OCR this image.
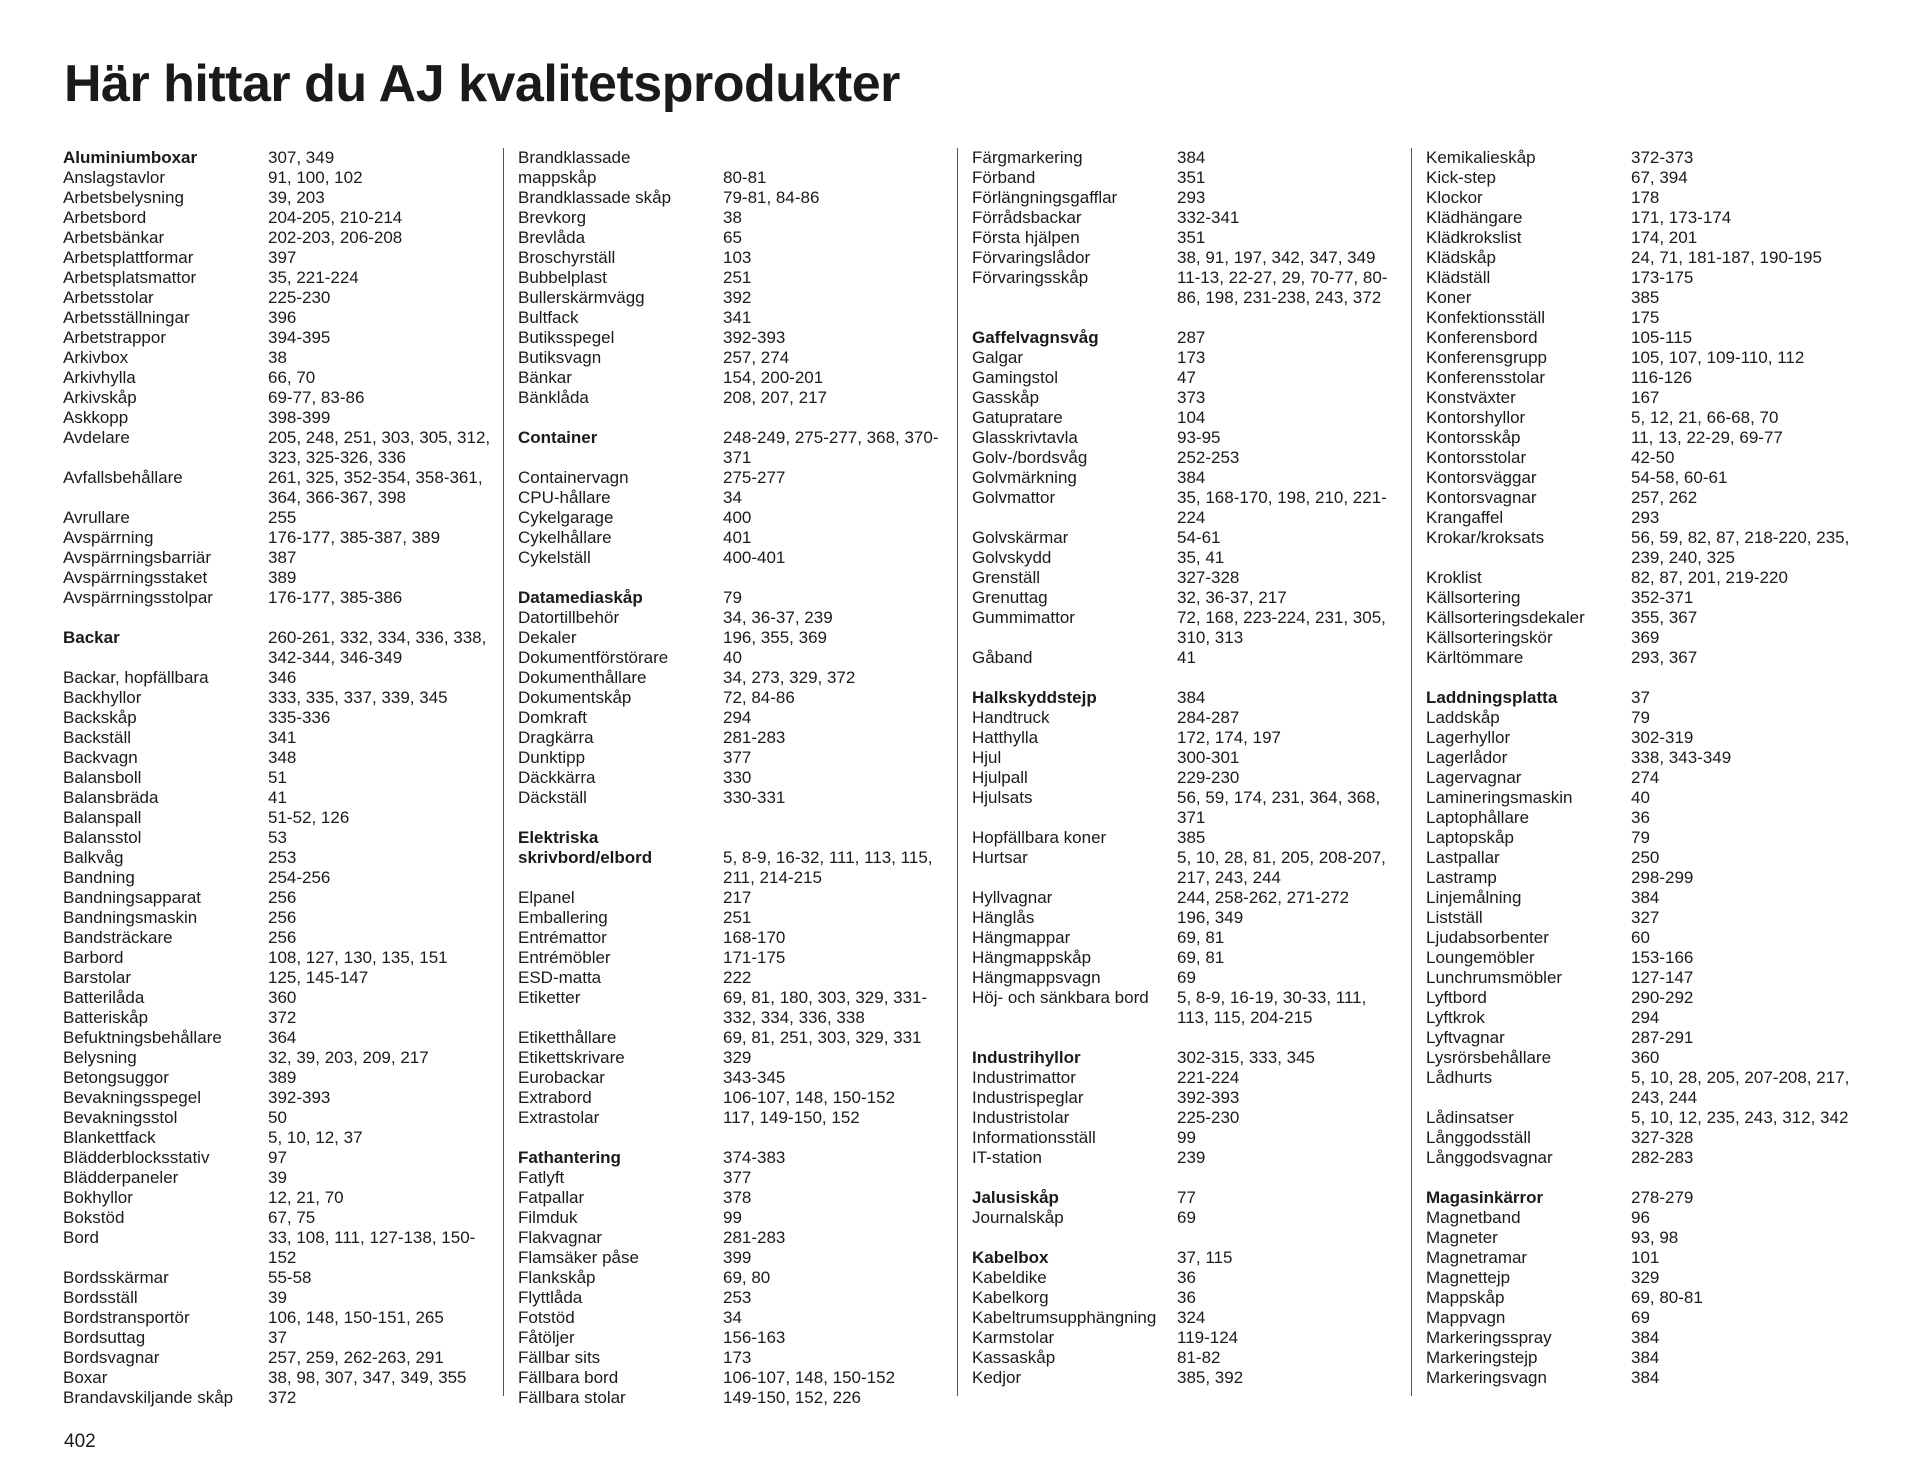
Här hittar du AJ kvalitetsprodukter
Aluminiumboxar	307, 349
Anslagstavlor	91, 100, 102
Arbetsbelysning	39, 203
Arbetsbord	204-205, 210-214
Arbetsbänkar	202-203, 206-208
Arbetsplattformar	397
Arbetsplatsmattor	35, 221-224
Arbetsstolar	225-230
Arbetsställningar	396
Arbetstrappor	394-395
Arkivbox	38
Arkivhylla	66, 70
Arkivskåp	69-77, 83-86
Askkopp	398-399
Avdelare	205, 248, 251, 303, 305, 312, 323, 325-326, 336
Avfallsbehållare	261, 325, 352-354, 358-361, 364, 366-367, 398
Avrullare	255
Avspärrning	176-177, 385-387, 389
Avspärrningsbarriär	387
Avspärrningsstaket	389
Avspärrningsstolpar	176-177, 385-386
Backar	260-261, 332, 334, 336, 338, 342-344, 346-349
Backar, hopfällbara	346
Backhyllor	333, 335, 337, 339, 345
Backskåp	335-336
Backställ	341
Backvagn	348
Balansboll	51
Balansbräda	41
Balanspall	51-52, 126
Balansstol	53
Balkvåg	253
Bandning	254-256
Bandningsapparat	256
Bandningsmaskin	256
Bandsträckare	256
Barbord	108, 127, 130, 135, 151
Barstolar	125, 145-147
Batterilåda	360
Batteriskåp	372
Befuktningsbehållare	364
Belysning	32, 39, 203, 209, 217
Betongsuggor	389
Bevakningsspegel	392-393
Bevakningsstol	50
Blankettfack	5, 10, 12, 37
Blädderblocksstativ	97
Blädderpaneler	39
Bokhyllor	12, 21, 70
Bokstöd	67, 75
Bord	33, 108, 111, 127-138, 150-152
Bordsskärmar	55-58
Bordsställ	39
Bordstransportör	106, 148, 150-151, 265
Bordsuttag	37
Bordsvagnar	257, 259, 262-263, 291
Boxar	38, 98, 307, 347, 349, 355
Brandavskiljande skåp	372
Brandklassade
mappskåp	80-81
Brandklassade skåp	79-81, 84-86
Brevkorg	38
Brevlåda	65
Broschyrställ	103
Bubbelplast	251
Bullerskärmvägg	392
Bultfack	341
Butiksspegel	392-393
Butiksvagn	257, 274
Bänkar	154, 200-201
Bänklåda	208, 207, 217
Container	248-249, 275-277, 368, 370-371
Containervagn	275-277
CPU-hållare	34
Cykelgarage	400
Cykelhållare	401
Cykelställ	400-401
Datamediaskåp	79
Datortillbehör	34, 36-37, 239
Dekaler	196, 355, 369
Dokumentförstörare	40
Dokumenthållare	34, 273, 329, 372
Dokumentskåp	72, 84-86
Domkraft	294
Dragkärra	281-283
Dunktipp	377
Däckkärra	330
Däckställ	330-331
Elektriska
skrivbord/elbord	5, 8-9, 16-32, 111, 113, 115, 211, 214-215
Elpanel	217
Emballering	251
Entrémattor	168-170
Entrémöbler	171-175
ESD-matta	222
Etiketter	69, 81, 180, 303, 329, 331-332, 334, 336, 338
Etiketthållare	69, 81, 251, 303, 329, 331
Etikettskrivare	329
Eurobackar	343-345
Extrabord	106-107, 148, 150-152
Extrastolar	117, 149-150, 152
Fathantering	374-383
Fatlyft	377
Fatpallar	378
Filmduk	99
Flakvagnar	281-283
Flamsäker påse	399
Flankskåp	69, 80
Flyttlåda	253
Fotstöd	34
Fåtöljer	156-163
Fällbar sits	173
Fällbara bord	106-107, 148, 150-152
Fällbara stolar	149-150, 152, 226
Färgmarkering	384
Förband	351
Förlängningsgafflar	293
Förrådsbackar	332-341
Första hjälpen	351
Förvaringslådor	38, 91, 197, 342, 347, 349
Förvaringsskåp	11-13, 22-27, 29, 70-77, 80-86, 198, 231-238, 243, 372
Gaffelvagnsvåg	287
Galgar	173
Gamingstol	47
Gasskåp	373
Gatupratare	104
Glasskrivtavla	93-95
Golv-/bordsvåg	252-253
Golvmärkning	384
Golvmattor	35, 168-170, 198, 210, 221-224
Golvskärmar	54-61
Golvskydd	35, 41
Grenställ	327-328
Grenuttag	32, 36-37, 217
Gummimattor	72, 168, 223-224, 231, 305, 310, 313
Gåband	41
Halkskyddstejp	384
Handtruck	284-287
Hatthylla	172, 174, 197
Hjul	300-301
Hjulpall	229-230
Hjulsats	56, 59, 174, 231, 364, 368, 371
Hopfällbara koner	385
Hurtsar	5, 10, 28, 81, 205, 208-207, 217, 243, 244
Hyllvagnar	244, 258-262, 271-272
Hänglås	196, 349
Hängmappar	69, 81
Hängmappskåp	69, 81
Hängmappsvagn	69
Höj- och sänkbara bord	5, 8-9, 16-19, 30-33, 111, 113, 115, 204-215
Industrihyllor	302-315, 333, 345
Industrimattor	221-224
Industrispeglar	392-393
Industristolar	225-230
Informationsställ	99
IT-station	239
Jalusiskåp	77
Journalskåp	69
Kabelbox	37, 115
Kabeldike	36
Kabelkorg	36
Kabeltrumsupphängning	324
Karmstolar	119-124
Kassaskåp	81-82
Kedjor	385, 392
Kemikalieskåp	372-373
Kick-step	67, 394
Klockor	178
Klädhängare	171, 173-174
Klädkrokslist	174, 201
Klädskåp	24, 71, 181-187, 190-195
Klädställ	173-175
Koner	385
Konfektionsställ	175
Konferensbord	105-115
Konferensgrupp	105, 107, 109-110, 112
Konferensstolar	116-126
Konstväxter	167
Kontorshyllor	5, 12, 21, 66-68, 70
Kontorsskåp	11, 13, 22-29, 69-77
Kontorsstolar	42-50
Kontorsväggar	54-58, 60-61
Kontorsvagnar	257, 262
Krangaffel	293
Krokar/kroksats	56, 59, 82, 87, 218-220, 235, 239, 240, 325
Kroklist	82, 87, 201, 219-220
Källsortering	352-371
Källsorteringsdekaler	355, 367
Källsorteringskör	369
Kärltömmare	293, 367
Laddningsplatta	37
Laddskåp	79
Lagerhyllor	302-319
Lagerlådor	338, 343-349
Lagervagnar	274
Lamineringsmaskin	40
Laptophållare	36
Laptopskåp	79
Lastpallar	250
Lastramp	298-299
Linjemålning	384
Listställ	327
Ljudabsorbenter	60
Loungemöbler	153-166
Lunchrumsmöbler	127-147
Lyftbord	290-292
Lyftkrok	294
Lyftvagnar	287-291
Lysrörsbehållare	360
Lådhurts	5, 10, 28, 205, 207-208, 217, 243, 244
Lådinsatser	5, 10, 12, 235, 243, 312, 342
Långgodsställ	327-328
Långgodsvagnar	282-283
Magasinkärror	278-279
Magnetband	96
Magneter	93, 98
Magnetramar	101
Magnettejp	329
Mappskåp	69, 80-81
Mappvagn	69
Markeringsspray	384
Markeringstejp	384
Markeringsvagn	384
402
